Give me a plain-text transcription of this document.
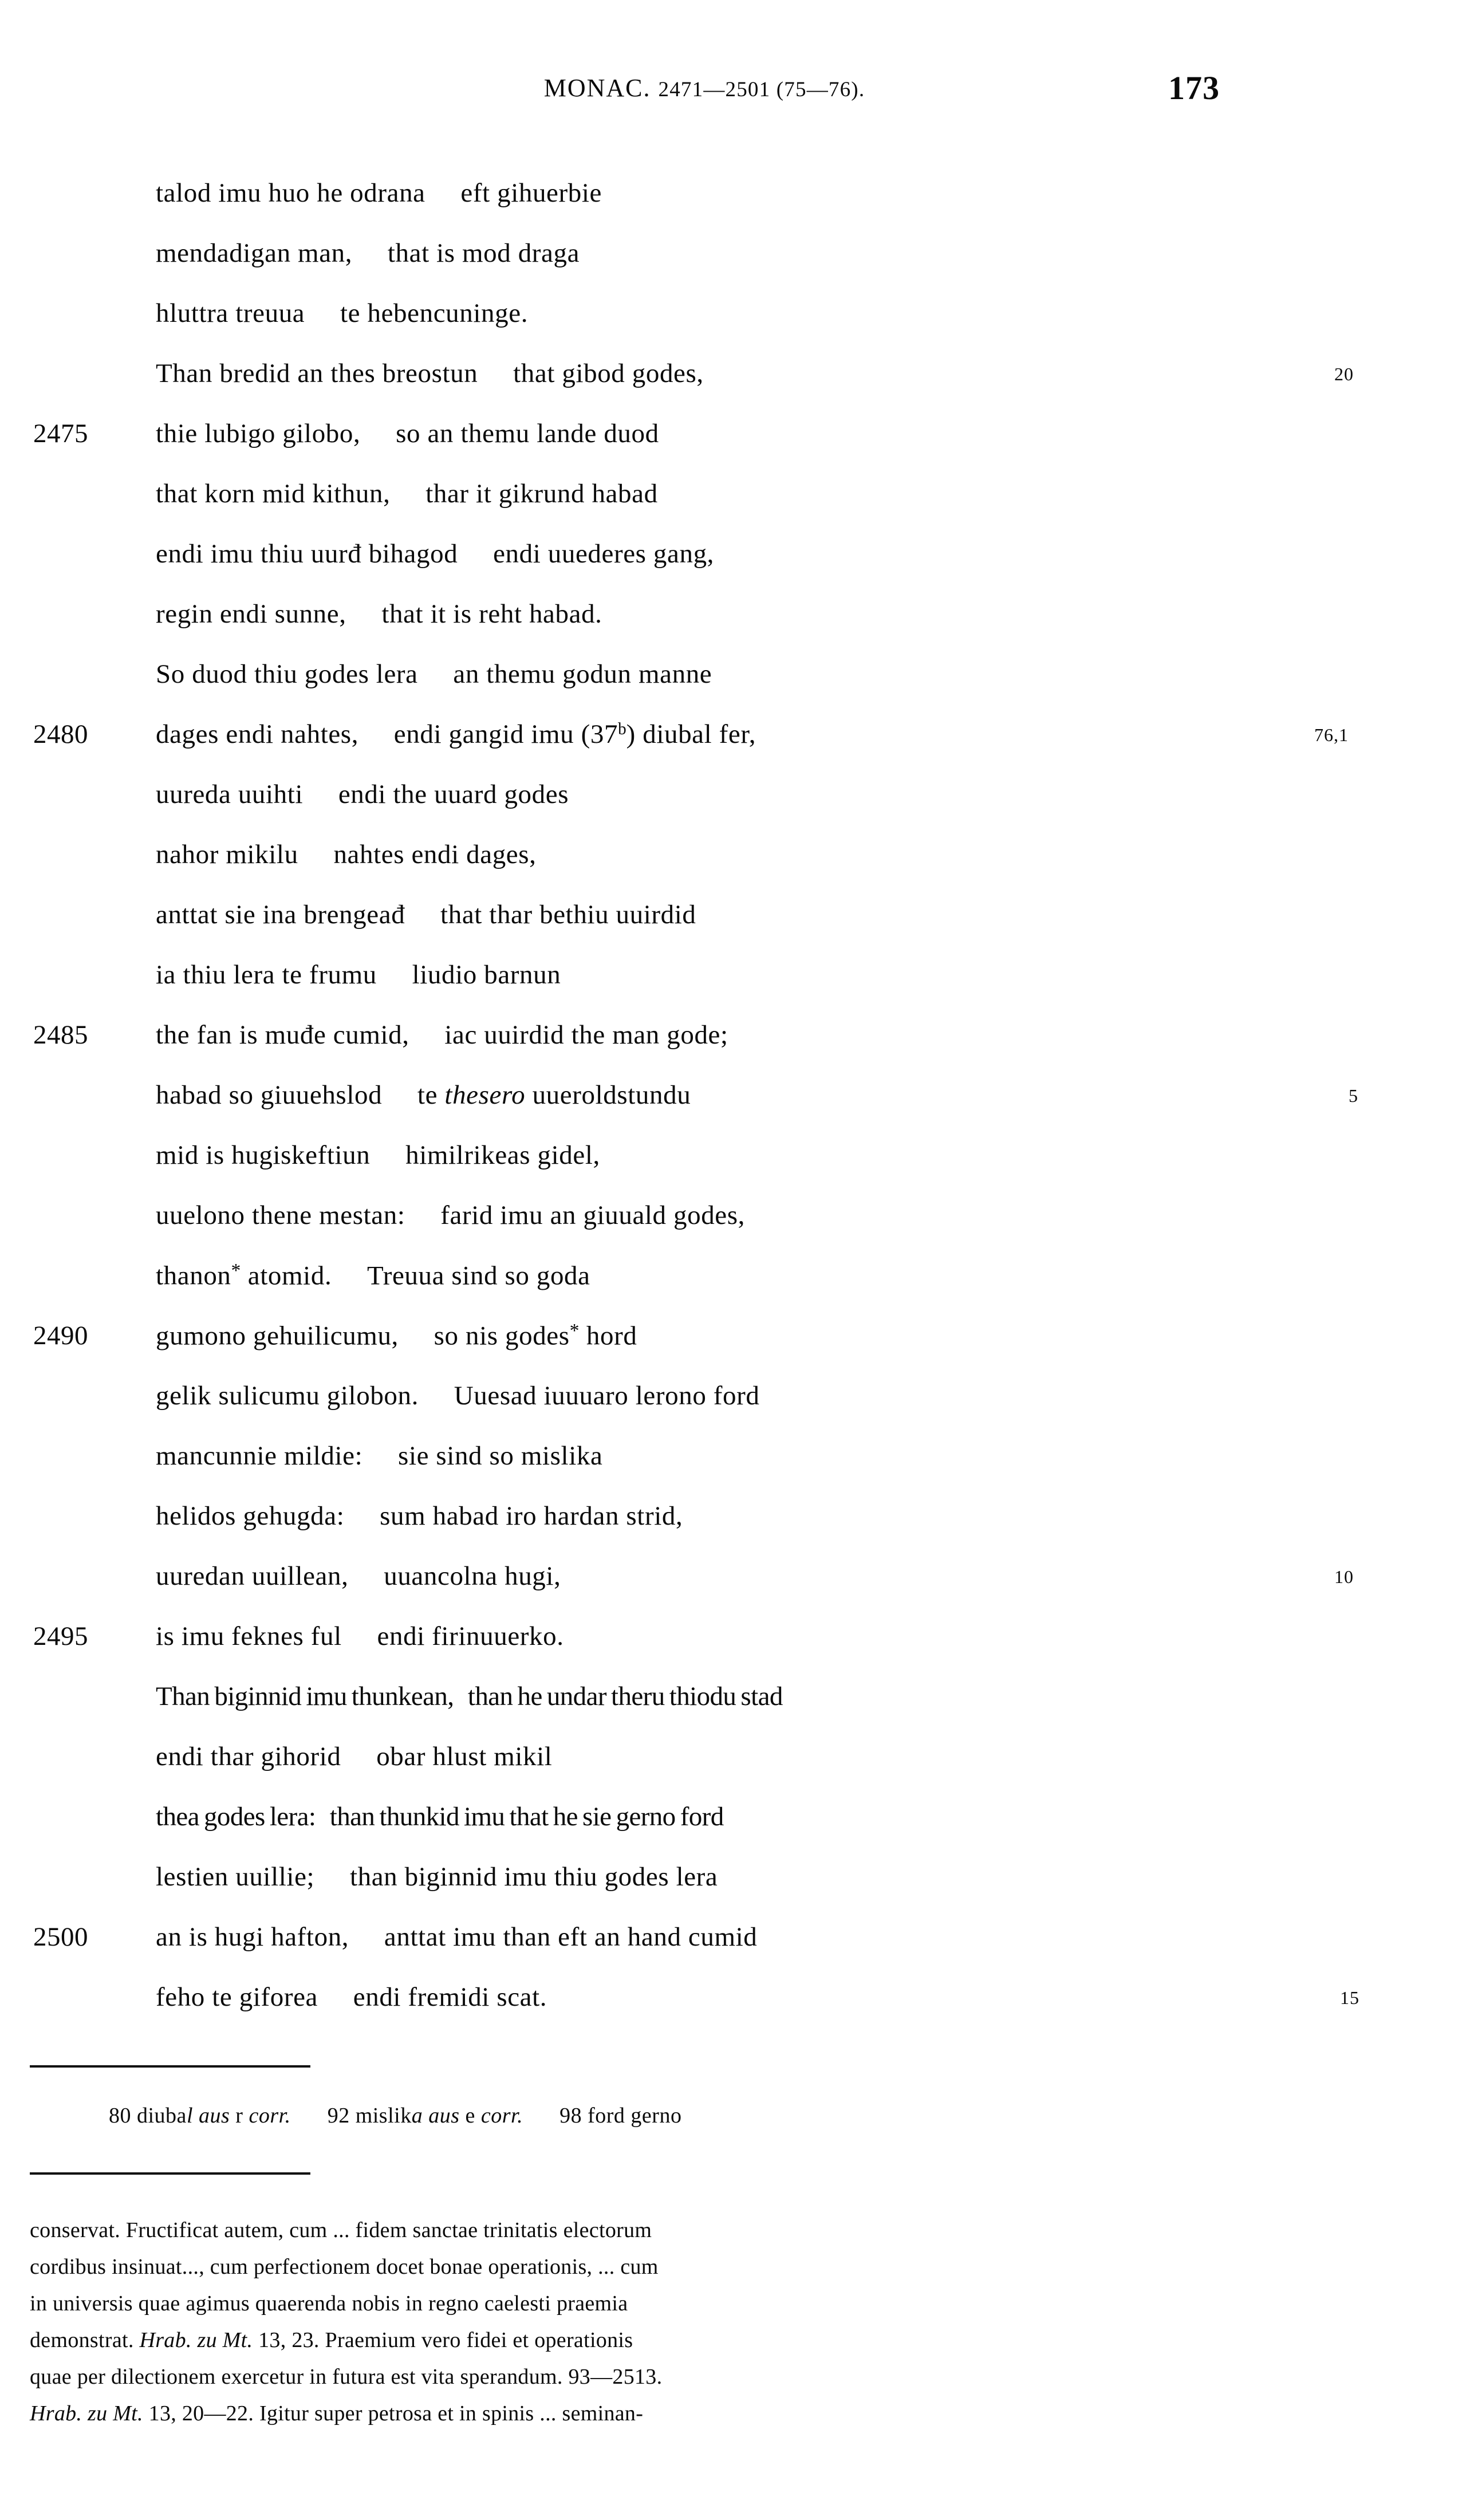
MONAC. 2471—2501 (75—76).	173
talod imu huo he odrana     eft gihuerbie
mendadigan man,     that is mod draga
hluttra treuua     te hebencuninge.
Than bredid an thes breostun     that gibod godes,	20
2475	thie lubigo gilobo,     so an themu lande duod
that korn mid kithun,     thar it gikrund habad
endi imu thiu uurđ bihagod     endi uuederes gang,
regin endi sunne,     that it is reht habad.
So duod thiu godes lera     an themu godun manne
2480	dages endi nahtes,     endi gangid imu (37$^b$) diubal fer,	76,1
uureda uuihti     endi the uuard godes
nahor mikilu     nahtes endi dages,
anttat sie ina brengeađ     that thar bethiu uuirdid
ia thiu lera te frumu     liudio barnun
2485	the fan is muđe cumid,     iac uuirdid the man gode;
habad so giuuehslod     te thesero uueroldstundu	5
mid is hugiskeftiun     himilrikeas gidel,
uuelono thene mestan:     farid imu an giuuald godes,
thanon* atomid.     Treuua sind so goda
2490	gumono gehuilicumu,     so nis godes* hord
gelik sulicumu gilobon.     Uuesad iuuuaro lerono ford
mancunnie mildie:     sie sind so mislika
helidos gehugda:     sum habad iro hardan strid,
uuredan uuillean,     uuancolna hugi,	10
2495	is imu feknes ful     endi firinuuerko.
Than biginnid imu thunkean,   than he undar theru thiodu stad
endi thar gihorid     obar hlust mikil
thea godes lera:   than thunkid imu that he sie gerno ford
lestien uuillie;     than biginnid imu thiu godes lera
2500	an is hugi hafton,     anttat imu than eft an hand cumid
feho te giforea     endi fremidi scat.	15
80 diubal aus r corr. 92 mislika aus e corr. 98 ford gerno
conservat. Fructificat autem, cum ... fidem sanctae trinitatis electorum
cordibus insinuat..., cum perfectionem docet bonae operationis, ... cum
in universis quae agimus quaerenda nobis in regno caelesti praemia
demonstrat. Hrab. zu Mt. 13, 23. Praemium vero fidei et operationis
quae per dilectionem exercetur in futura est vita sperandum. 93—2513.
Hrab. zu Mt. 13, 20—22. Igitur super petrosa et in spinis ... seminan-
